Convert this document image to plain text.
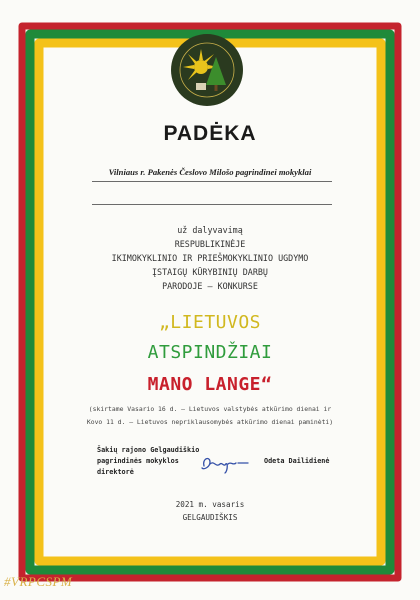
PADĖKA
Vilniaus r. Pakenės Česlovo Milošo pagrindinei mokyklai
už dalyvavimą
RESPUBLIKINĖJE
IKIMOKYKLINIO IR PRIEŠMOKYKLINIO UGDYMO
ĮSTAIGŲ KŪRYBINIŲ DARBŲ
PARODOJE – KONKURSE
„LIETUVOS
ATSPINDŽIAI
MANO LANGE“
(skirtame Vasario 16 d. – Lietuvos valstybės atkūrimo dienai ir
Kovo 11 d. – Lietuvos nepriklausomybės atkūrimo dienai paminėti)
Šakių rajono Gelgaudiškio
pagrindinės mokyklos
direktorė
Odeta Dailidienė
2021 m. vasaris
GELGAUDIŠKIS
#VRPCSPM
